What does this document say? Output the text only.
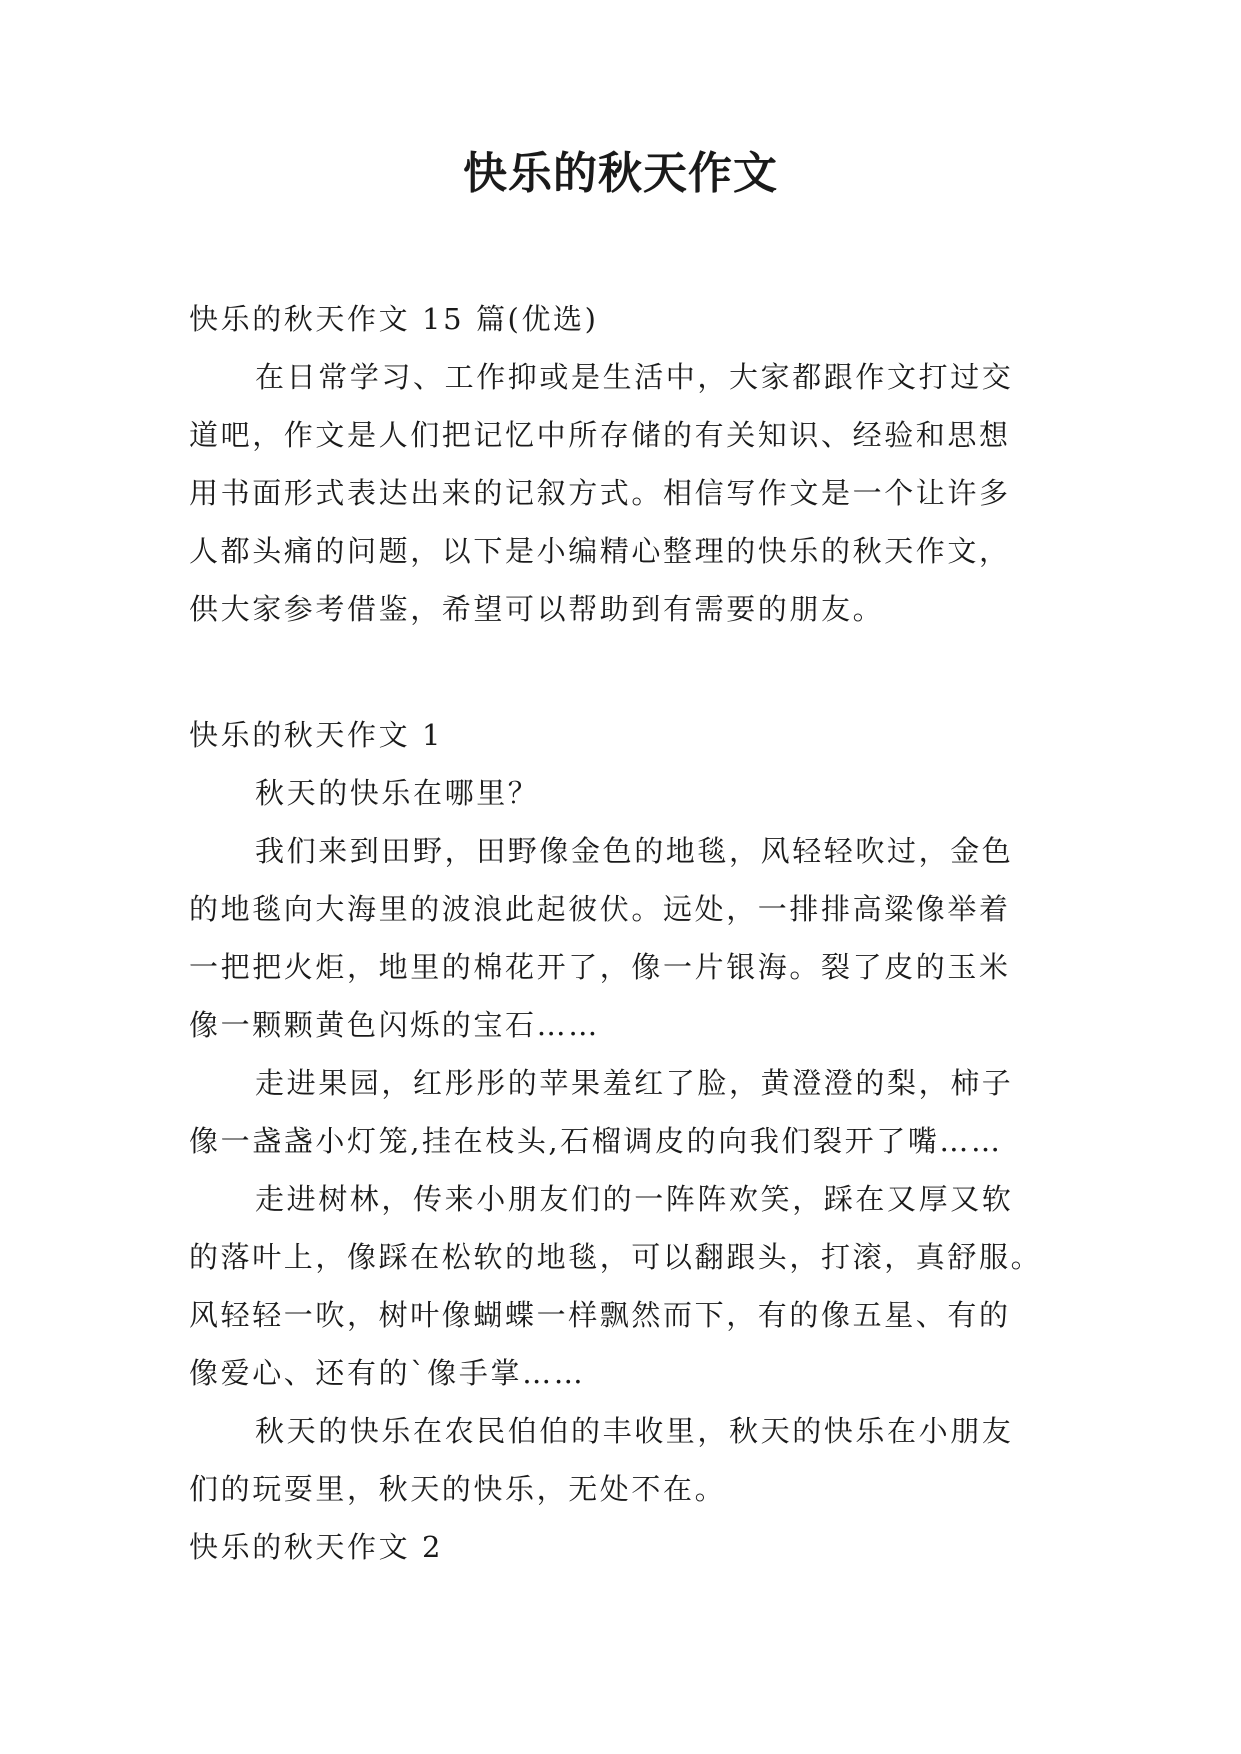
快乐的秋天作文
快乐的秋天作文 15 篇(优选)
在日常学习、工作抑或是生活中，大家都跟作文打过交
道吧，作文是人们把记忆中所存储的有关知识、经验和思想
用书面形式表达出来的记叙方式。相信写作文是一个让许多
人都头痛的问题，以下是小编精心整理的快乐的秋天作文，
供大家参考借鉴，希望可以帮助到有需要的朋友。
快乐的秋天作文 1
秋天的快乐在哪里？
我们来到田野，田野像金色的地毯，风轻轻吹过，金色
的地毯向大海里的波浪此起彼伏。远处，一排排高粱像举着
一把把火炬，地里的棉花开了，像一片银海。裂了皮的玉米
像一颗颗黄色闪烁的宝石……
走进果园，红彤彤的苹果羞红了脸，黄澄澄的梨，柿子
像一盏盏小灯笼,挂在枝头,石榴调皮的向我们裂开了嘴……
走进树林，传来小朋友们的一阵阵欢笑，踩在又厚又软
的落叶上，像踩在松软的地毯，可以翻跟头，打滚，真舒服。
风轻轻一吹，树叶像蝴蝶一样飘然而下，有的像五星、有的
像爱心、还有的`像手掌……
秋天的快乐在农民伯伯的丰收里，秋天的快乐在小朋友
们的玩耍里，秋天的快乐，无处不在。
快乐的秋天作文 2
